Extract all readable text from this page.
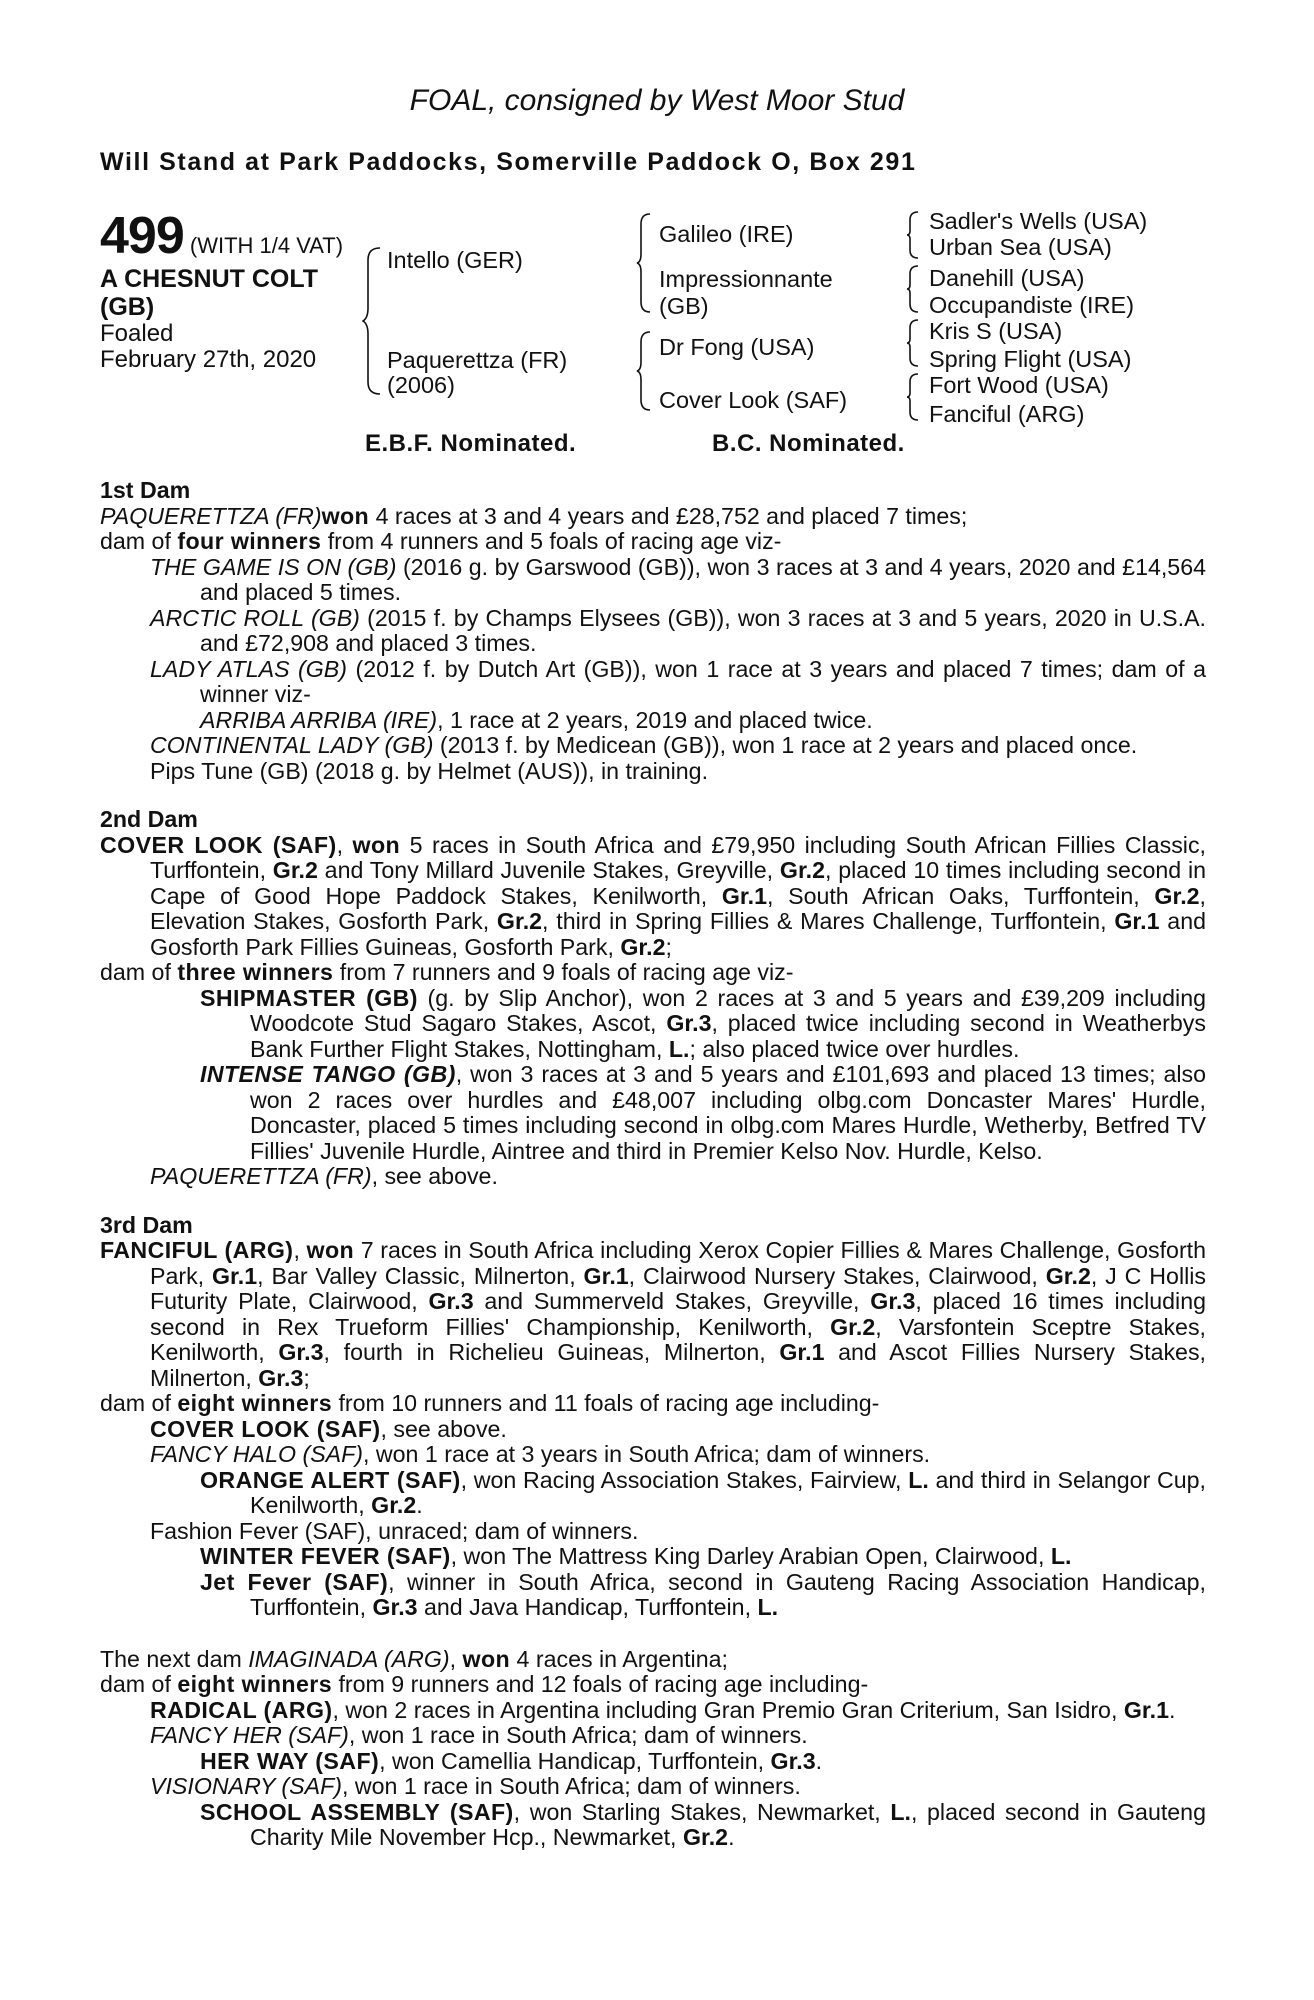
FOAL, consigned by West Moor Stud
Will Stand at Park Paddocks, Somerville Paddock O, Box 291
499 (WITH 1/4 VAT)
A CHESNUT COLT
(GB)
Foaled
February 27th, 2020
Intello (GER)
Paquerettza (FR)
(2006)
Galileo (IRE)
Impressionnante
(GB)
Dr Fong (USA)
Cover Look (SAF)
Sadler's Wells (USA)
Urban Sea (USA)
Danehill (USA)
Occupandiste (IRE)
Kris S (USA)
Spring Flight (USA)
Fort Wood (USA)
Fanciful (ARG)
E.B.F. Nominated.	B.C. Nominated.
1st Dam

PAQUERETTZA (FR)won 4 races at 3 and 4 years and £28,752 and placed 7 times;

dam of four winners from 4 runners and 5 foals of racing age viz-

THE GAME IS ON (GB) (2016 g. by Garswood (GB)), won 3 races at 3 and 4 years, 2020 and £14,564 and placed 5 times.

ARCTIC ROLL (GB) (2015 f. by Champs Elysees (GB)), won 3 races at 3 and 5 years, 2020 in U.S.A. and £72,908 and placed 3 times.

LADY ATLAS (GB) (2012 f. by Dutch Art (GB)), won 1 race at 3 years and placed 7 times; dam of a winner viz-

ARRIBA ARRIBA (IRE), 1 race at 2 years, 2019 and placed twice.

CONTINENTAL LADY (GB) (2013 f. by Medicean (GB)), won 1 race at 2 years and placed once.

Pips Tune (GB) (2018 g. by Helmet (AUS)), in training.

2nd Dam

COVER LOOK (SAF), won 5 races in South Africa and £79,950 including South African Fillies Classic, Turffontein, Gr.2 and Tony Millard Juvenile Stakes, Greyville, Gr.2, placed 10 times including second in Cape of Good Hope Paddock Stakes, Kenilworth, Gr.1, South African Oaks, Turffontein, Gr.2, Elevation Stakes, Gosforth Park, Gr.2, third in Spring Fillies & Mares Challenge, Turffontein, Gr.1 and Gosforth Park Fillies Guineas, Gosforth Park, Gr.2;

dam of three winners from 7 runners and 9 foals of racing age viz-

SHIPMASTER (GB) (g. by Slip Anchor), won 2 races at 3 and 5 years and £39,209 including Woodcote Stud Sagaro Stakes, Ascot, Gr.3, placed twice including second in Weatherbys Bank Further Flight Stakes, Nottingham, L.; also placed twice over hurdles.

INTENSE TANGO (GB), won 3 races at 3 and 5 years and £101,693 and placed 13 times; also won 2 races over hurdles and £48,007 including olbg.com Doncaster Mares' Hurdle, Doncaster, placed 5 times including second in olbg.com Mares Hurdle, Wetherby, Betfred TV Fillies' Juvenile Hurdle, Aintree and third in Premier Kelso Nov. Hurdle, Kelso.

PAQUERETTZA (FR), see above.

3rd Dam

FANCIFUL (ARG), won 7 races in South Africa including Xerox Copier Fillies & Mares Challenge, Gosforth Park, Gr.1, Bar Valley Classic, Milnerton, Gr.1, Clairwood Nursery Stakes, Clairwood, Gr.2, J C Hollis Futurity Plate, Clairwood, Gr.3 and Summerveld Stakes, Greyville, Gr.3, placed 16 times including second in Rex Trueform Fillies' Championship, Kenilworth, Gr.2, Varsfontein Sceptre Stakes, Kenilworth, Gr.3, fourth in Richelieu Guineas, Milnerton, Gr.1 and Ascot Fillies Nursery Stakes, Milnerton, Gr.3;

dam of eight winners from 10 runners and 11 foals of racing age including-

COVER LOOK (SAF), see above.

FANCY HALO (SAF), won 1 race at 3 years in South Africa; dam of winners.

ORANGE ALERT (SAF), won Racing Association Stakes, Fairview, L. and third in Selangor Cup, Kenilworth, Gr.2.

Fashion Fever (SAF), unraced; dam of winners.

WINTER FEVER (SAF), won The Mattress King Darley Arabian Open, Clairwood, L.

Jet Fever (SAF), winner in South Africa, second in Gauteng Racing Association Handicap, Turffontein, Gr.3 and Java Handicap, Turffontein, L.

The next dam IMAGINADA (ARG), won 4 races in Argentina;

dam of eight winners from 9 runners and 12 foals of racing age including-

RADICAL (ARG), won 2 races in Argentina including Gran Premio Gran Criterium, San Isidro, Gr.1.

FANCY HER (SAF), won 1 race in South Africa; dam of winners.

HER WAY (SAF), won Camellia Handicap, Turffontein, Gr.3.

VISIONARY (SAF), won 1 race in South Africa; dam of winners.

SCHOOL ASSEMBLY (SAF), won Starling Stakes, Newmarket, L., placed second in Gauteng Charity Mile November Hcp., Newmarket, Gr.2.
